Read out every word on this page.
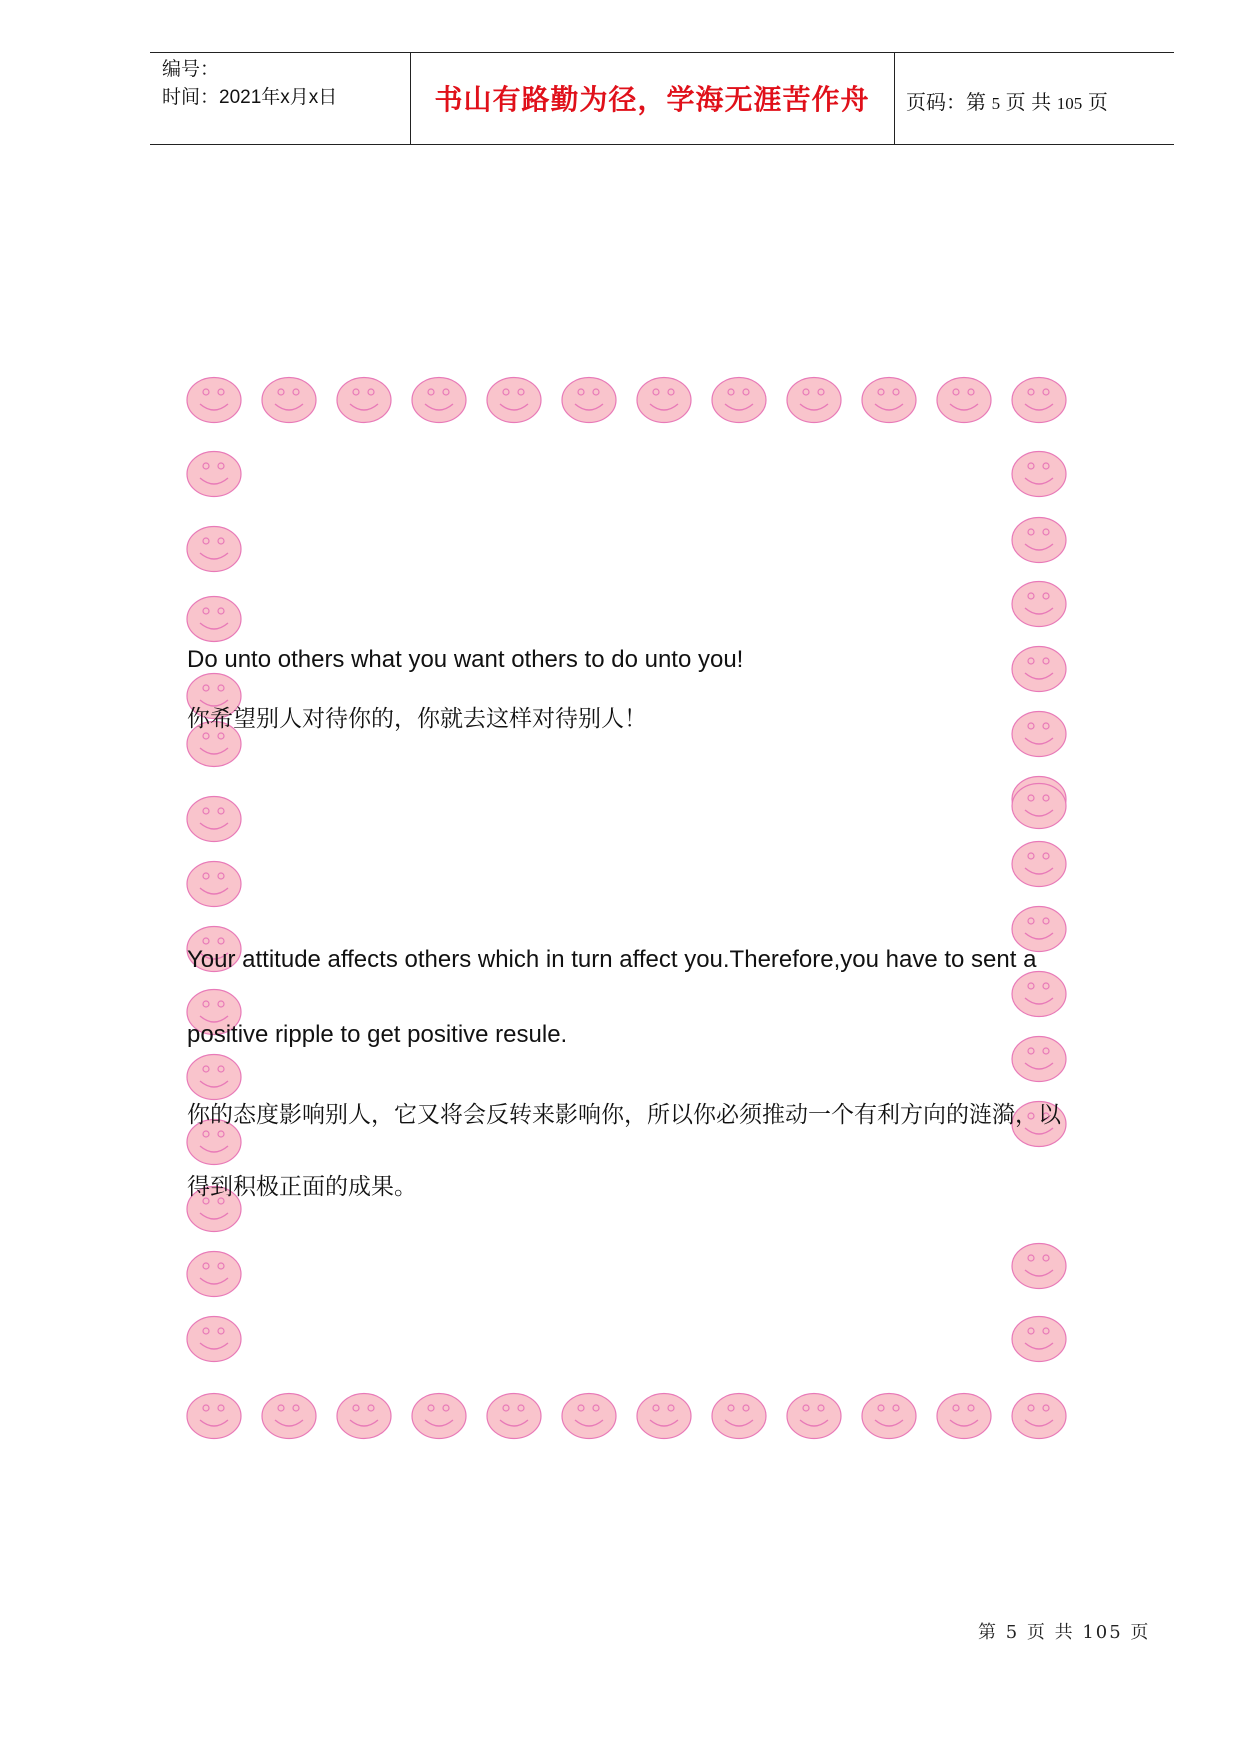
编号：
时间：2021年x月x日	书山有路勤为径，学海无涯苦作舟	页码：第 5 页 共 105 页
Do unto others what you want others to do unto you!
你希望别人对待你的，你就去这样对待别人！
Your attitude affects others which in turn affect you.Therefore,you have to sent a
positive ripple to get positive resule.
你的态度影响别人，它又将会反转来影响你，所以你必须推动一个有利方向的涟漪，以
得到积极正面的成果。
第 5 页 共 105 页
